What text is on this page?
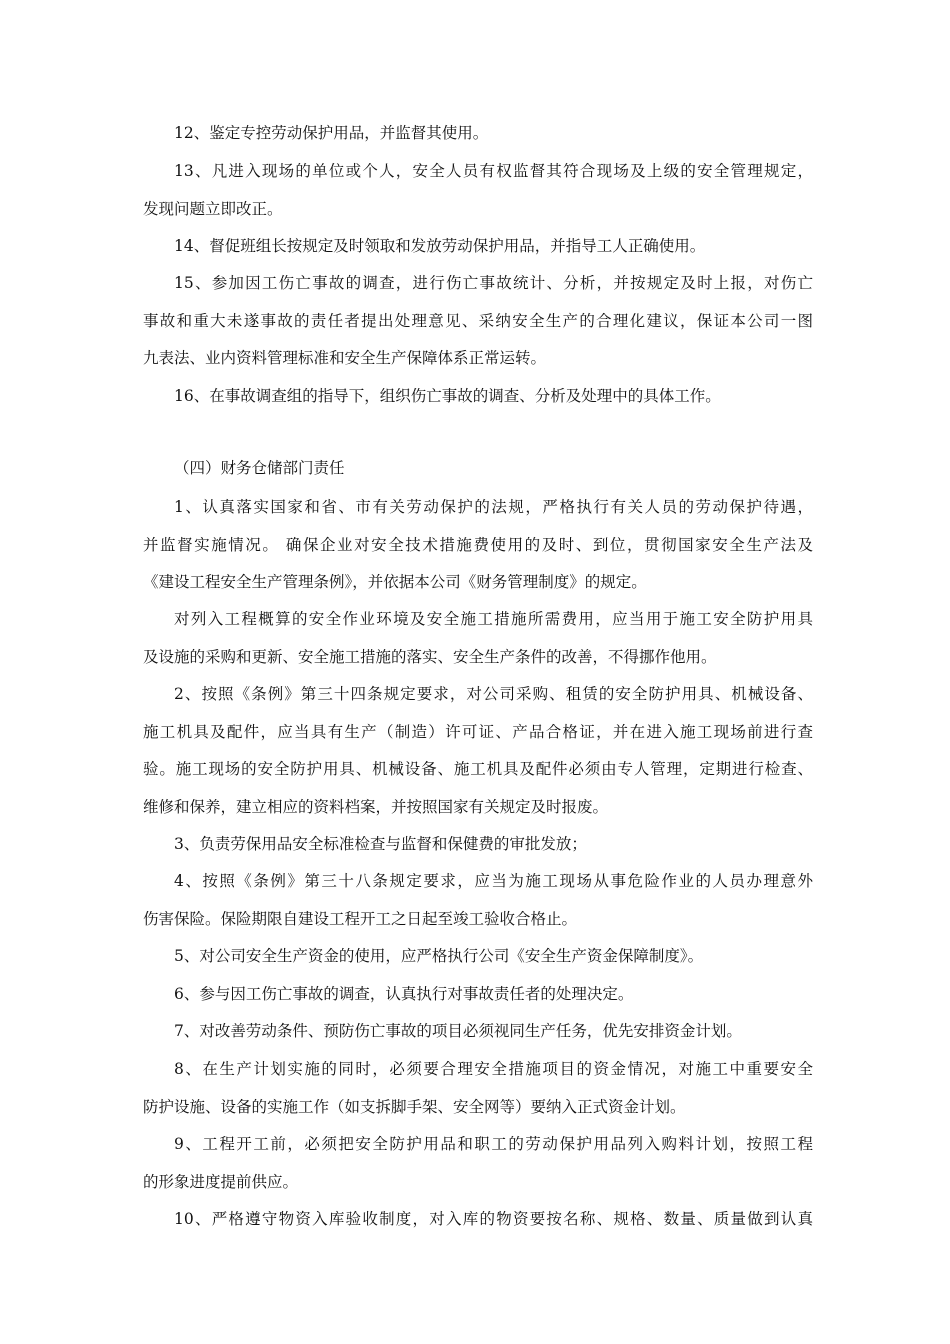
12、鉴定专控劳动保护用品，并监督其使用。
13、凡进入现场的单位或个人，安全人员有权监督其符合现场及上级的安全管理规定，
发现问题立即改正。
14、督促班组长按规定及时领取和发放劳动保护用品，并指导工人正确使用。
15、参加因工伤亡事故的调查，进行伤亡事故统计、分析，并按规定及时上报，对伤亡
事故和重大未遂事故的责任者提出处理意见、采纳安全生产的合理化建议，保证本公司一图
九表法、业内资料管理标准和安全生产保障体系正常运转。
16、在事故调查组的指导下，组织伤亡事故的调查、分析及处理中的具体工作。
（四）财务仓储部门责任
1、认真落实国家和省、市有关劳动保护的法规，严格执行有关人员的劳动保护待遇，
并监督实施情况。 确保企业对安全技术措施费使用的及时、到位，贯彻国家安全生产法及
《建设工程安全生产管理条例》，并依据本公司《财务管理制度》的规定。
对列入工程概算的安全作业环境及安全施工措施所需费用，应当用于施工安全防护用具
及设施的采购和更新、安全施工措施的落实、安全生产条件的改善，不得挪作他用。
2、按照《条例》第三十四条规定要求，对公司采购、租赁的安全防护用具、机械设备、
施工机具及配件，应当具有生产（制造）许可证、产品合格证，并在进入施工现场前进行查
验。施工现场的安全防护用具、机械设备、施工机具及配件必须由专人管理，定期进行检查、
维修和保养，建立相应的资料档案，并按照国家有关规定及时报废。
3、负责劳保用品安全标准检查与监督和保健费的审批发放；
4、按照《条例》第三十八条规定要求，应当为施工现场从事危险作业的人员办理意外
伤害保险。保险期限自建设工程开工之日起至竣工验收合格止。
5、对公司安全生产资金的使用，应严格执行公司《安全生产资金保障制度》。
6、参与因工伤亡事故的调查，认真执行对事故责任者的处理决定。
7、对改善劳动条件、预防伤亡事故的项目必须视同生产任务，优先安排资金计划。
8、在生产计划实施的同时，必须要合理安全措施项目的资金情况，对施工中重要安全
防护设施、设备的实施工作（如支拆脚手架、安全网等）要纳入正式资金计划。
9、工程开工前，必须把安全防护用品和职工的劳动保护用品列入购料计划，按照工程
的形象进度提前供应。
10、严格遵守物资入库验收制度，对入库的物资要按名称、规格、数量、质量做到认真
